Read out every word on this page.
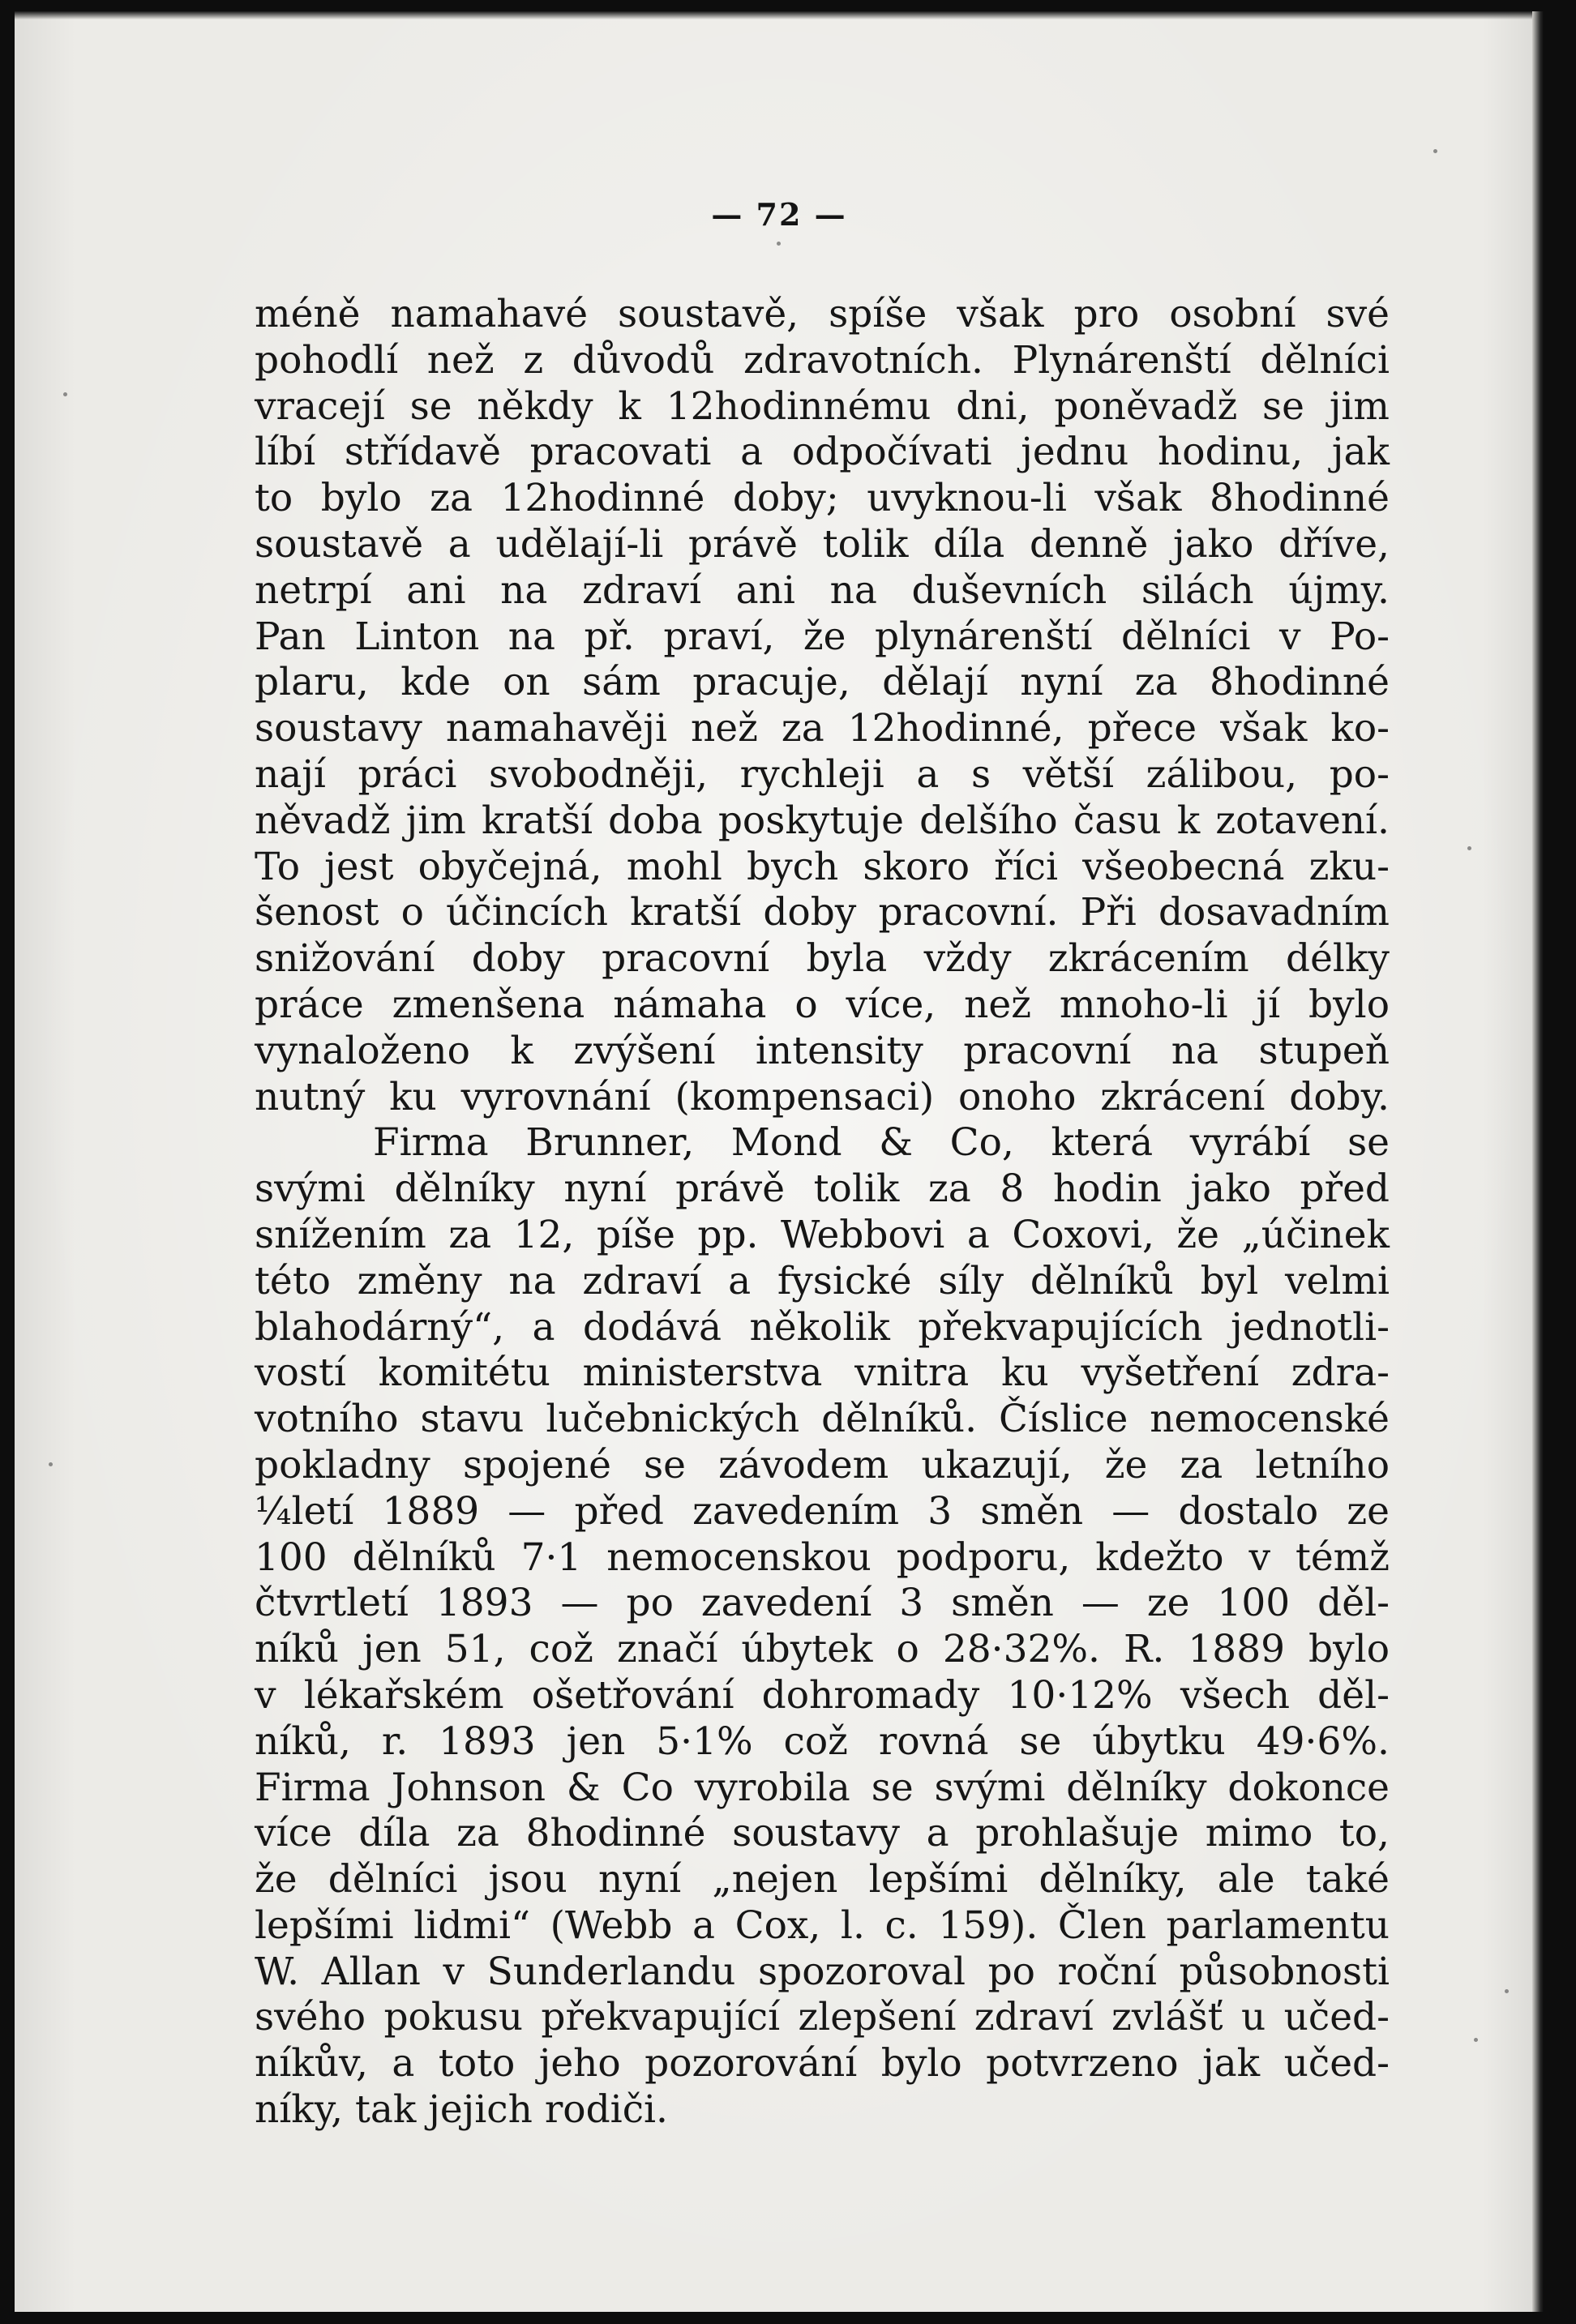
— 72 —
méně namahavé soustavě, spíše však pro osobní své
pohodlí než z důvodů zdravotních. Plynárenští dělníci
vracejí se někdy k 12hodinnému dni, poněvadž se jim
líbí střídavě pracovati a odpočívati jednu hodinu, jak
to bylo za 12hodinné doby; uvyknou-li však 8hodinné
soustavě a udělají-li právě tolik díla denně jako dříve,
netrpí ani na zdraví ani na duševních silách újmy.
Pan Linton na př. praví, že plynárenští dělníci v Po-
plaru, kde on sám pracuje, dělají nyní za 8hodinné
soustavy namahavěji než za 12hodinné, přece však ko-
nají práci svobodněji, rychleji a s větší zálibou, po-
něvadž jim kratší doba poskytuje delšího času k zotavení.
To jest obyčejná, mohl bych skoro říci všeobecná zku-
šenost o účincích kratší doby pracovní. Při dosavadním
snižování doby pracovní byla vždy zkrácením délky
práce zmenšena námaha o více, než mnoho-li jí bylo
vynaloženo k zvýšení intensity pracovní na stupeň
nutný ku vyrovnání (kompensaci) onoho zkrácení doby.
Firma Brunner, Mond & Co, která vyrábí se
svými dělníky nyní právě tolik za 8 hodin jako před
snížením za 12, píše pp. Webbovi a Coxovi, že „účinek
této změny na zdraví a fysické síly dělníků byl velmi
blahodárný“, a dodává několik překvapujících jednotli-
vostí komitétu ministerstva vnitra ku vyšetření zdra-
votního stavu lučebnických dělníků. Číslice nemocenské
pokladny spojené se závodem ukazují, že za letního
¼letí 1889 — před zavedením 3 směn — dostalo ze
100 dělníků 7·1 nemocenskou podporu, kdežto v témž
čtvrtletí 1893 — po zavedení 3 směn — ze 100 děl-
níků jen 51, což značí úbytek o 28·32%. R. 1889 bylo
v lékařském ošetřování dohromady 10·12% všech děl-
níků, r. 1893 jen 5·1% což rovná se úbytku 49·6%.
Firma Johnson & Co vyrobila se svými dělníky dokonce
více díla za 8hodinné soustavy a prohlašuje mimo to,
že dělníci jsou nyní „nejen lepšími dělníky, ale také
lepšími lidmi“ (Webb a Cox, l. c. 159). Člen parlamentu
W. Allan v Sunderlandu spozoroval po roční působnosti
svého pokusu překvapující zlepšení zdraví zvlášť u učed-
níkův, a toto jeho pozorování bylo potvrzeno jak učed-
níky, tak jejich rodiči.
